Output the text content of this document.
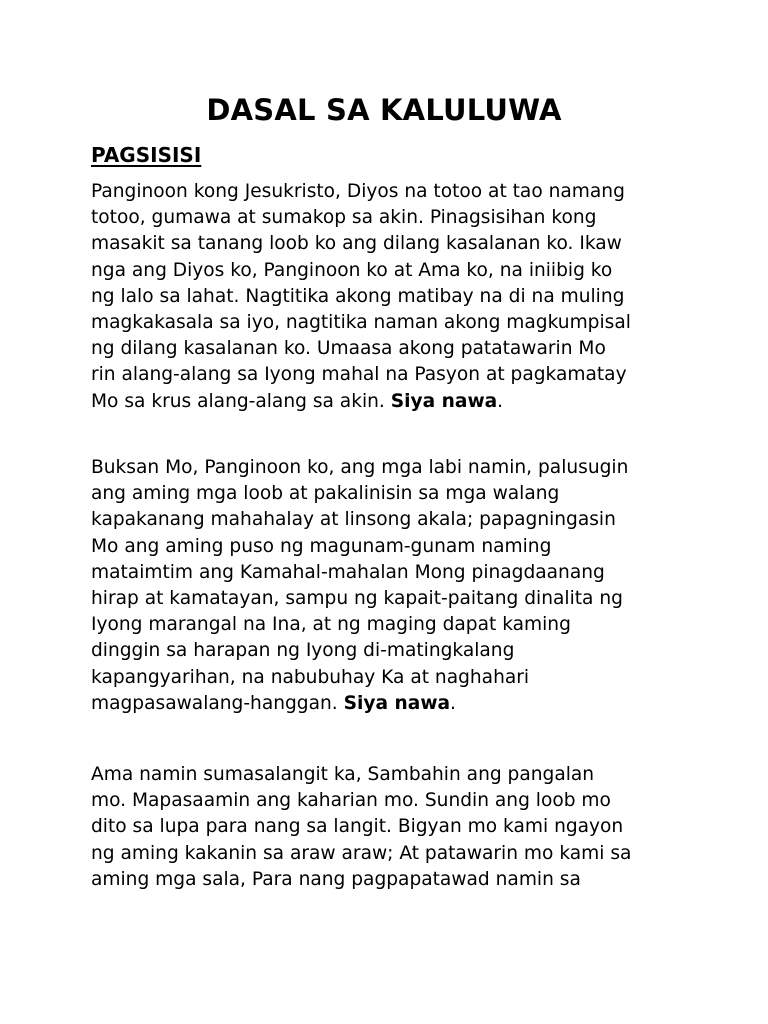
DASAL SA KALULUWA
PAGSISISI
Panginoon kong Jesukristo, Diyos na totoo at tao namang
totoo, gumawa at sumakop sa akin. Pinagsisihan kong
masakit sa tanang loob ko ang dilang kasalanan ko. Ikaw
nga ang Diyos ko, Panginoon ko at Ama ko, na iniibig ko
ng lalo sa lahat. Nagtitika akong matibay na di na muling
magkakasala sa iyo, nagtitika naman akong magkumpisal
ng dilang kasalanan ko. Umaasa akong patatawarin Mo
rin alang-alang sa Iyong mahal na Pasyon at pagkamatay
Mo sa krus alang-alang sa akin. Siya nawa.
Buksan Mo, Panginoon ko, ang mga labi namin, palusugin
ang aming mga loob at pakalinisin sa mga walang
kapakanang mahahalay at linsong akala; papagningasin
Mo ang aming puso ng magunam-gunam naming
mataimtim ang Kamahal-mahalan Mong pinagdaanang
hirap at kamatayan, sampu ng kapait-paitang dinalita ng
Iyong marangal na Ina, at ng maging dapat kaming
dinggin sa harapan ng Iyong di-matingkalang
kapangyarihan, na nabubuhay Ka at naghahari
magpasawalang-hanggan. Siya nawa.
Ama namin sumasalangit ka, Sambahin ang pangalan
mo. Mapasaamin ang kaharian mo. Sundin ang loob mo
dito sa lupa para nang sa langit. Bigyan mo kami ngayon
ng aming kakanin sa araw araw; At patawarin mo kami sa
aming mga sala, Para nang pagpapatawad namin sa
